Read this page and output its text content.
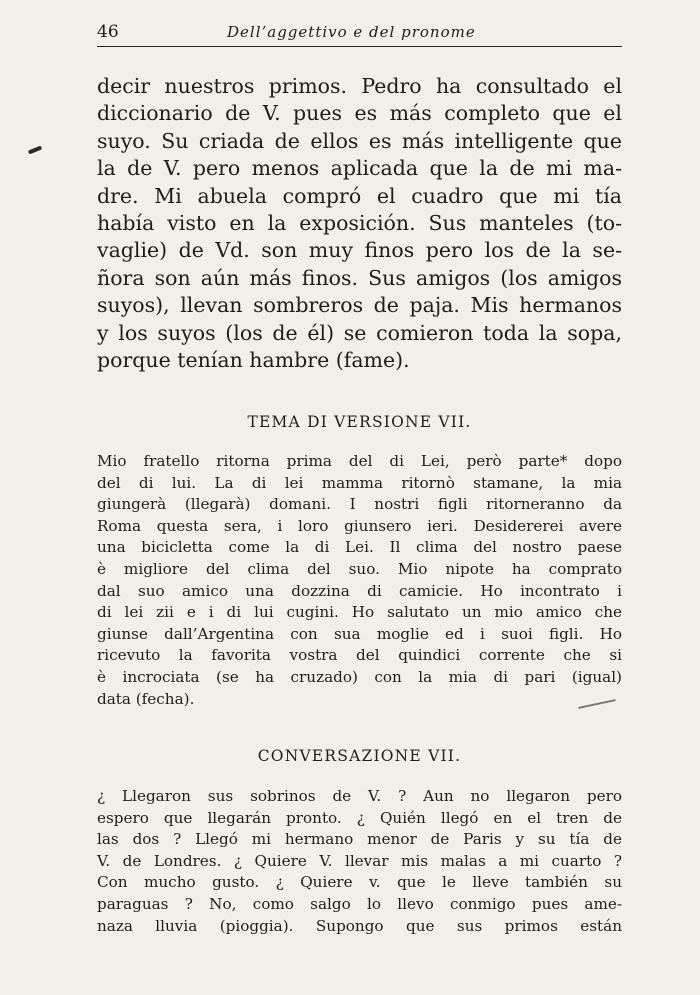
46	Dell’aggettivo e del pronome
decir nuestros primos. Pedro ha consultado el
diccionario de V. pues es más completo que el
suyo. Su criada de ellos es más intelligente que
la de V. pero menos aplicada que la de mi ma-
dre. Mi abuela compró el cuadro que mi tía
había visto en la exposición. Sus manteles (to-
vaglie) de Vd. son muy finos pero los de la se-
ñora son aún más finos. Sus amigos (los amigos
suyos), llevan sombreros de paja. Mis hermanos
y los suyos (los de él) se comieron toda la sopa,
porque tenían hambre (fame).
TEMA DI VERSIONE VII.
Mio fratello ritorna prima del di Lei, però parte* dopo
del di lui. La di lei mamma ritornò stamane, la mia
giungerà (llegarà) domani. I nostri figli ritorneranno da
Roma questa sera, i loro giunsero ieri. Desidererei avere
una bicicletta come la di Lei. Il clima del nostro paese
è migliore del clima del suo. Mio nipote ha comprato
dal suo amico una dozzina di camicie. Ho incontrato i
di lei zii e i di lui cugini. Ho salutato un mio amico che
giunse dall’Argentina con sua moglie ed i suoi figli. Ho
ricevuto la favorita vostra del quindici corrente che si
è incrociata (se ha cruzado) con la mia di pari (igual)
data (fecha).
CONVERSAZIONE VII.
¿ Llegaron sus sobrinos de V. ? Aun no llegaron pero
espero que llegarán pronto. ¿ Quién llegó en el tren de
las dos ? Llegó mi hermano menor de Paris y su tía de
V. de Londres. ¿ Quiere V. llevar mis malas a mi cuarto ?
Con mucho gusto. ¿ Quiere v. que le lleve también su
paraguas ? No, como salgo lo llevo conmigo pues ame-
naza lluvia (pioggia). Supongo que sus primos están
